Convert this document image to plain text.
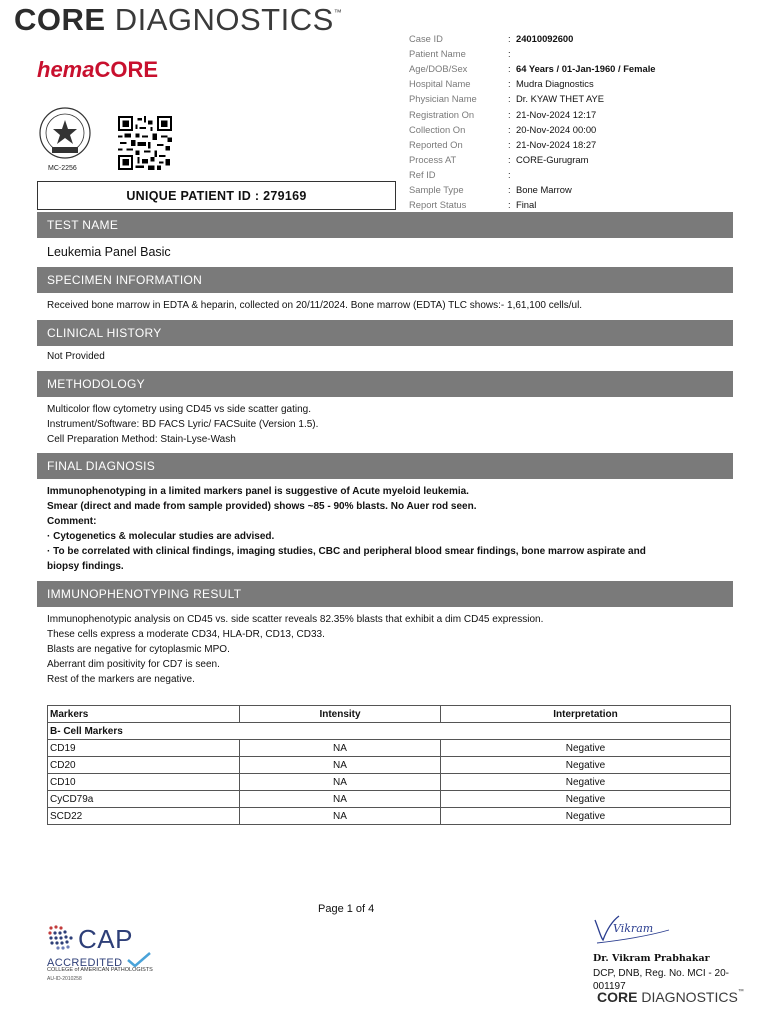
CORE DIAGNOSTICS™
hemaCORE
MC-2256
UNIQUE PATIENT ID : 279169
Case ID	: 24010092600
Patient Name	:
Age/DOB/Sex	: 64 Years / 01-Jan-1960 / Female
Hospital Name	: Mudra Diagnostics
Physician Name	: Dr. KYAW THET AYE
Registration On	: 21-Nov-2024 12:17
Collection On	: 20-Nov-2024 00:00
Reported On	: 21-Nov-2024 18:27
Process AT	: CORE-Gurugram
Ref ID	:
Sample Type	: Bone Marrow
Report Status	: Final
TEST NAME
Leukemia Panel Basic
SPECIMEN INFORMATION
Received bone marrow in EDTA & heparin, collected on 20/11/2024. Bone marrow (EDTA) TLC shows:- 1,61,100 cells/ul.
CLINICAL HISTORY
Not Provided
METHODOLOGY
Multicolor flow cytometry using CD45 vs side scatter gating.
Instrument/Software: BD FACS Lyric/ FACSuite (Version 1.5).
Cell Preparation Method: Stain-Lyse-Wash
FINAL DIAGNOSIS
Immunophenotyping in a limited markers panel is suggestive of Acute myeloid leukemia.
Smear (direct and made from sample provided) shows ~85 - 90% blasts. No Auer rod seen.
Comment:
· Cytogenetics & molecular studies are advised.
· To be correlated with clinical findings, imaging studies, CBC and peripheral blood smear findings, bone marrow aspirate and
biopsy findings.
IMMUNOPHENOTYPING RESULT
Immunophenotypic analysis on CD45 vs. side scatter reveals 82.35% blasts that exhibit a dim CD45 expression.
These cells express a moderate CD34, HLA-DR, CD13, CD33.
Blasts are negative for cytoplasmic MPO.
Aberrant dim positivity for CD7 is seen.
Rest of the markers are negative.
Markers	Intensity	Interpretation
B- Cell Markers		
CD19	NA	Negative
CD20	NA	Negative
CD10	NA	Negative
CyCD79a	NA	Negative
SCD22	NA	Negative
Page 1 of 4
CAP
ACCREDITED
COLLEGE of AMERICAN PATHOLOGISTS
AU-ID-2010258
Vikram
Dr. Vikram Prabhakar
DCP, DNB, Reg. No. MCI - 20-001197
CORE DIAGNOSTICS™
